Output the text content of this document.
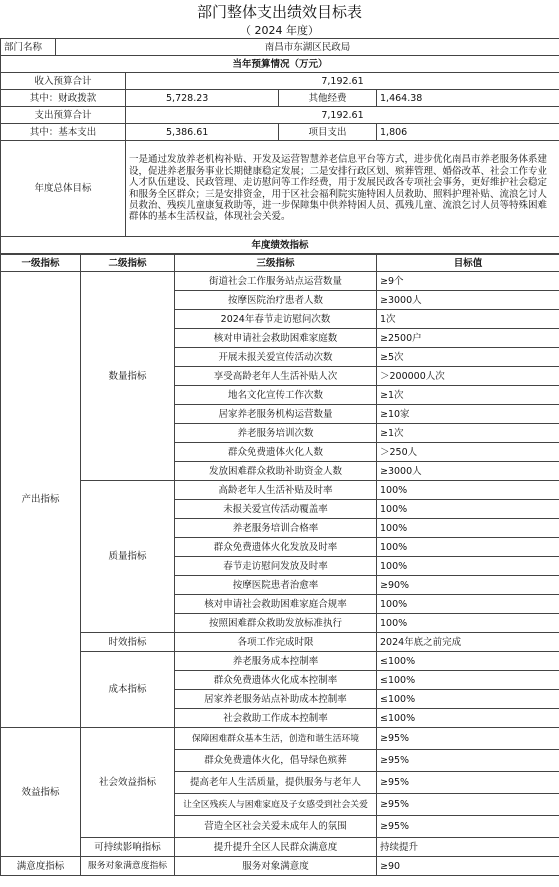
部门整体支出绩效目标表
（ 2024 年度）
部门名称	南昌市东湖区民政局			
当年预算情况（万元）				
收入预算合计		7,192.61		
其中：财政拨款		5,728.23	其他经费	1,464.38
支出预算合计		7,192.61		
其中：基本支出		5,386.61	项目支出	1,806
年度总体目标		一是通过发放养老机构补贴、开发及运营智慧养老信息平台等方式，进步优化南昌市养老服务体系建设，促进养老服务事业长期健康稳定发展；二是安排行政区划、殡葬管理、婚俗改革、社会工作专业人才队伍建设、民政管理、走访慰问等工作经费，用于发展民政各专项社会事务，更好维护社会稳定和服务全区群众；三是安排资金，用于区社会福利院实施特困人员救助、照料护理补贴、流浪乞讨人员救治、残疾儿童康复救助等，进一步保障集中供养特困人员、孤残儿童、流浪乞讨人员等特殊困难群体的基本生活权益，体现社会关爱。		
年度绩效指标				
一级指标	二级指标	三级指标	目标值
产出指标	数量指标	街道社会工作服务站点运营数量	≥9个
		按摩医院治疗患者人数	≥3000人
		2024年春节走访慰问次数	1次
		核对申请社会救助困难家庭数	≥2500户
		开展未报关爱宣传活动次数	≥5次
		享受高龄老年人生活补贴人次	＞200000人次
		地名文化宣传工作次数	≥1次
		居家养老服务机构运营数量	≥10家
		养老服务培训次数	≥1次
		群众免费遗体火化人数	＞250人
		发放困难群众救助补助资金人数	≥3000人
	质量指标	高龄老年人生活补贴及时率	100%
		未报关爱宣传活动覆盖率	100%
		养老服务培训合格率	100%
		群众免费遗体火化发放及时率	100%
		春节走访慰问发放及时率	100%
		按摩医院患者治愈率	≥90%
		核对申请社会救助困难家庭合规率	100%
		按照困难群众救助发放标准执行	100%
	时效指标	各项工作完成时限	2024年底之前完成
	成本指标	养老服务成本控制率	≤100%
		群众免费遗体火化成本控制率	≤100%
		居家养老服务站点补助成本控制率	≤100%
		社会救助工作成本控制率	≤100%
效益指标	社会效益指标	保障困难群众基本生活，创造和谐生活环境	≥95%
		群众免费遗体火化，倡导绿色殡葬	≥95%
		提高老年人生活质量，提供服务与老年人	≥95%
		让全区残疾人与困难家庭及子女感受到社会关爱	≥95%
		营造全区社会关爱未成年人的氛围	≥95%
	可持续影响指标	提升提升全区人民群众满意度	持续提升
满意度指标	服务对象满意度指标	服务对象满意度	≥90
